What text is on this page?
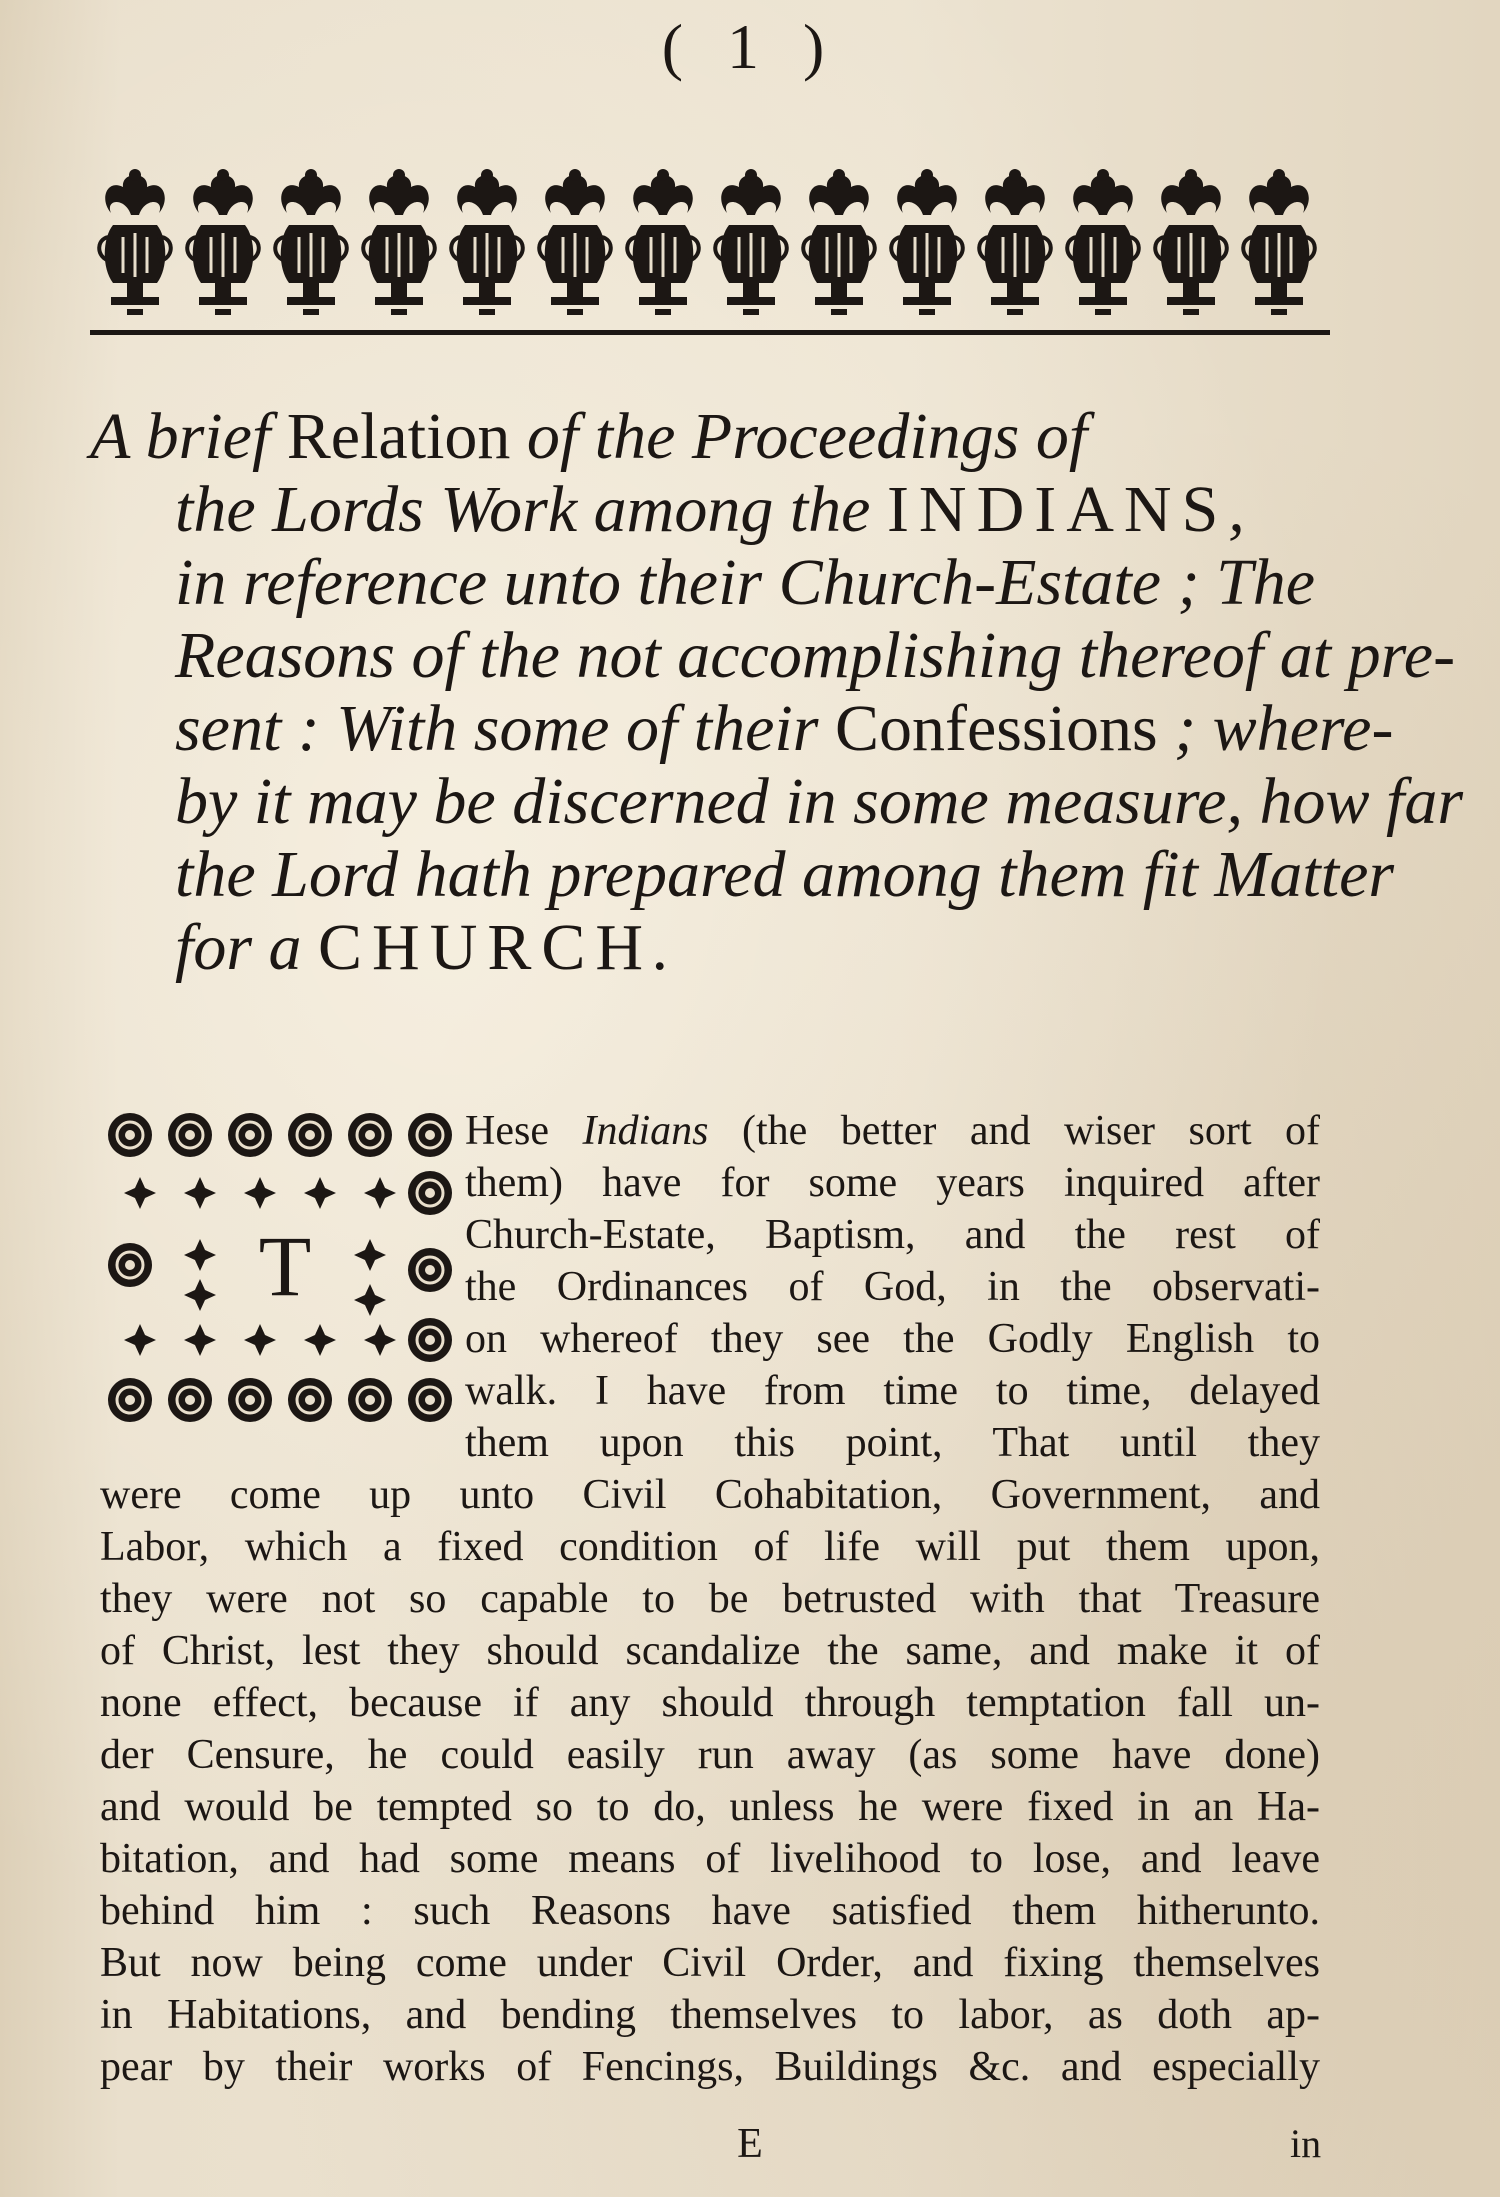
( 1 )
A brief Relation of the Proceedings of
the Lords Work among the INDIANS,
in reference unto their Church-Estate ; The
Reasons of the not accomplishing thereof at pre-
sent : With some of their Confessions ; where-
by it may be discerned in some measure, how far
the Lord hath prepared among them fit Matter
for a CHURCH.
T
Hese Indians (the better and wiser sort of
them) have for some years inquired after
Church-Estate, Baptism, and the rest of
the Ordinances of God, in the observati-
on whereof they see the Godly English to
walk. I have from time to time, delayed
them upon this point, That until they
were come up unto Civil Cohabitation, Government, and
Labor, which a fixed condition of life will put them upon,
they were not so capable to be betrusted with that Treasure
of Christ, lest they should scandalize the same, and make it of
none effect, because if any should through temptation fall un-
der Censure, he could easily run away (as some have done)
and would be tempted so to do, unless he were fixed in an Ha-
bitation, and had some means of livelihood to lose, and leave
behind him : such Reasons have satisfied them hitherunto.
But now being come under Civil Order, and fixing themselves
in Habitations, and bending themselves to labor, as doth ap-
pear by their works of Fencings, Buildings &c. and especially
E	in
